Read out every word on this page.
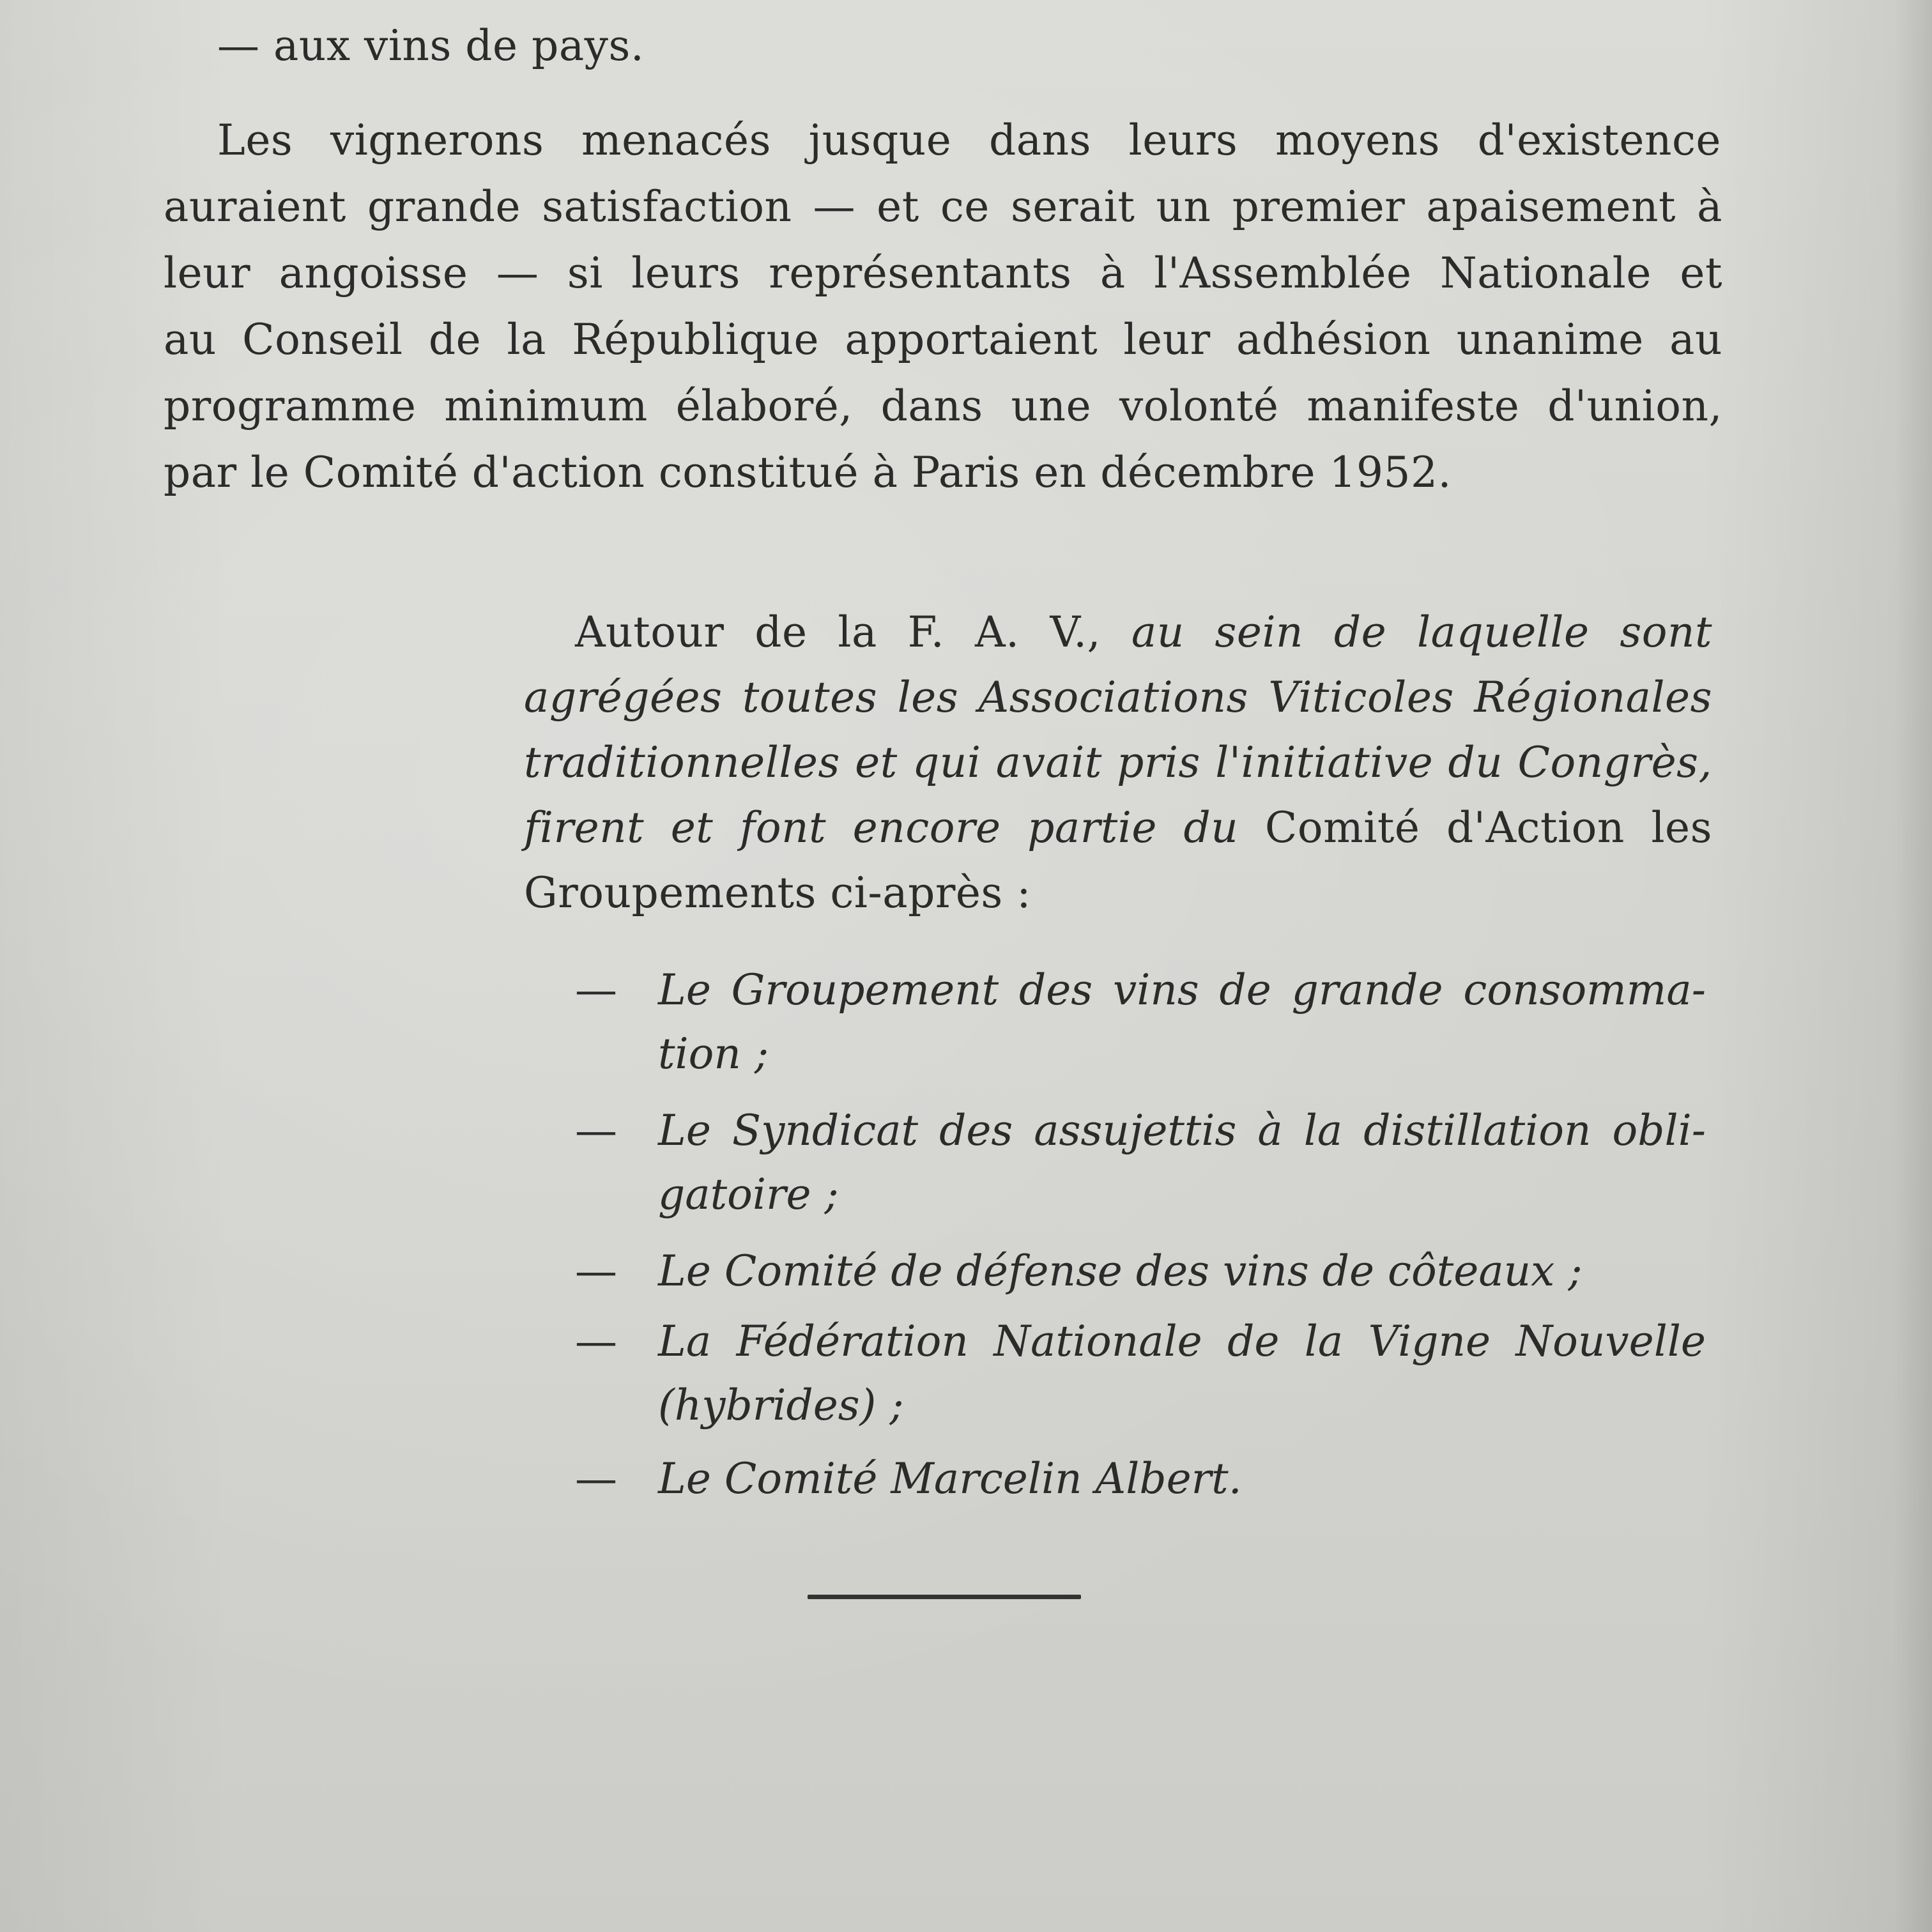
— aux vins de pays.
Les vignerons menacés jusque dans leurs moyens d'existence
auraient grande satisfaction — et ce serait un premier apaisement à
leur angoisse — si leurs représentants à l'Assemblée Nationale et
au Conseil de la République apportaient leur adhésion unanime au
programme minimum élaboré, dans une volonté manifeste d'union,
par le Comité d'action constitué à Paris en décembre 1952.
Autour de la F. A. V., au sein de laquelle sont
agrégées toutes les Associations Viticoles Régionales
traditionnelles et qui avait pris l'initiative du Congrès,
firent et font encore partie du Comité d'Action les
Groupements ci-après :
— Le Groupement des vins de grande consomma-
tion ;
— Le Syndicat des assujettis à la distillation obli-
gatoire ;
— Le Comité de défense des vins de côteaux ;
— La Fédération Nationale de la Vigne Nouvelle
(hybrides) ;
— Le Comité Marcelin Albert.
